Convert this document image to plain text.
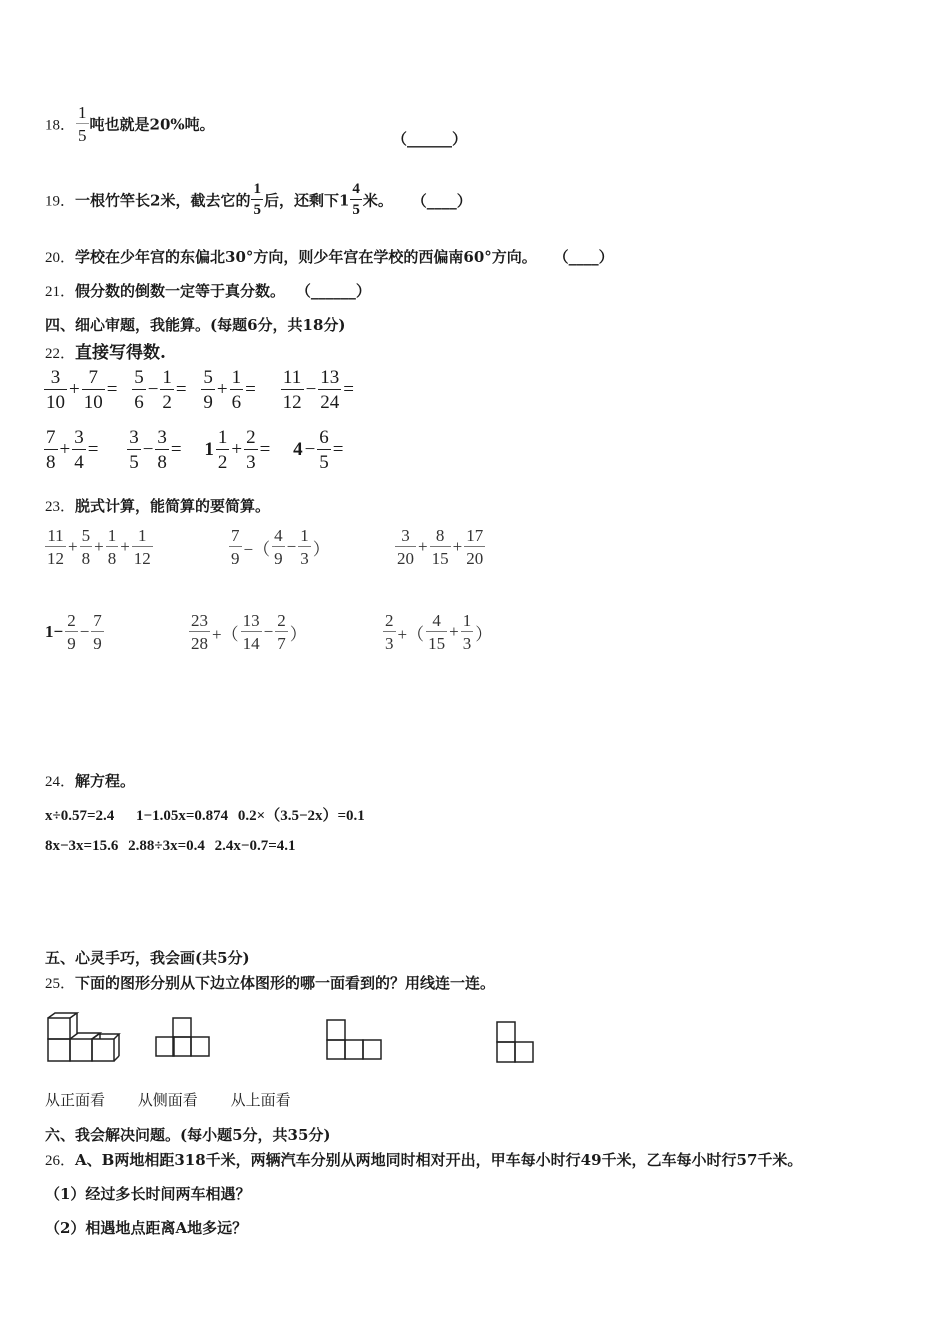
18． $\frac{1}{5}$ 吨也就是20%吨。
（______）
19．一根竹竿长2米，截去它的 $\frac{1}{5}$ 后，还剩下$1 \frac{4}{5}$ 米。 （____）
20．学校在少年宫的东偏北30°方向，则少年宫在学校的西偏南60°方向。 （____）
21．假分数的倒数一定等于真分数。 （______）
四、细心审题，我能算。(每题6分，共18分)
22．直接写得数.
$\frac{3}{10} + \frac{7}{10} = \frac{5}{6} - \frac{1}{2} = \frac{5}{9} + \frac{1}{6} = \frac{11}{12} - \frac{13}{24}$ =
$\frac{7}{8} + \frac{3}{4} = \frac{3}{5} - \frac{3}{8} = 1 \frac{1}{2} + \frac{2}{3} = 4 - \frac{6}{5}$ =
23．脱式计算，能简算的要简算。
$\frac{11}{12} + \frac{5}{8} + \frac{1}{8} + \frac{1}{12}$	$\frac{7}{9}$ −（ $\frac{4}{9} - \frac{1}{3}$ ）	$\frac{3}{20} + \frac{8}{15} + \frac{17}{20}$
$1- \frac{2}{9} - \frac{7}{9}$	$\frac{23}{28}$ +（ $\frac{13}{14} - \frac{2}{7}$ ）	$\frac{2}{3}$ +（ $\frac{4}{15} + \frac{1}{3}$ ）
24．解方程。
x÷0.57=2.4 1−1.05x=0.874 0.2×（3.5−2x）=0.1
8x−3x=15.6 2.88÷3x=0.4 2.4x−0.7=4.1
五、心灵手巧，我会画(共5分)
25．下面的图形分别从下边立体图形的哪一面看到的？用线连一连。
从正面看 从侧面看 从上面看
六、我会解决问题。(每小题5分，共35分)
26．A、B两地相距318千米，两辆汽车分别从两地同时相对开出，甲车每小时行49千米，乙车每小时行57千米。
（1）经过多长时间两车相遇？
（2）相遇地点距离A地多远？
